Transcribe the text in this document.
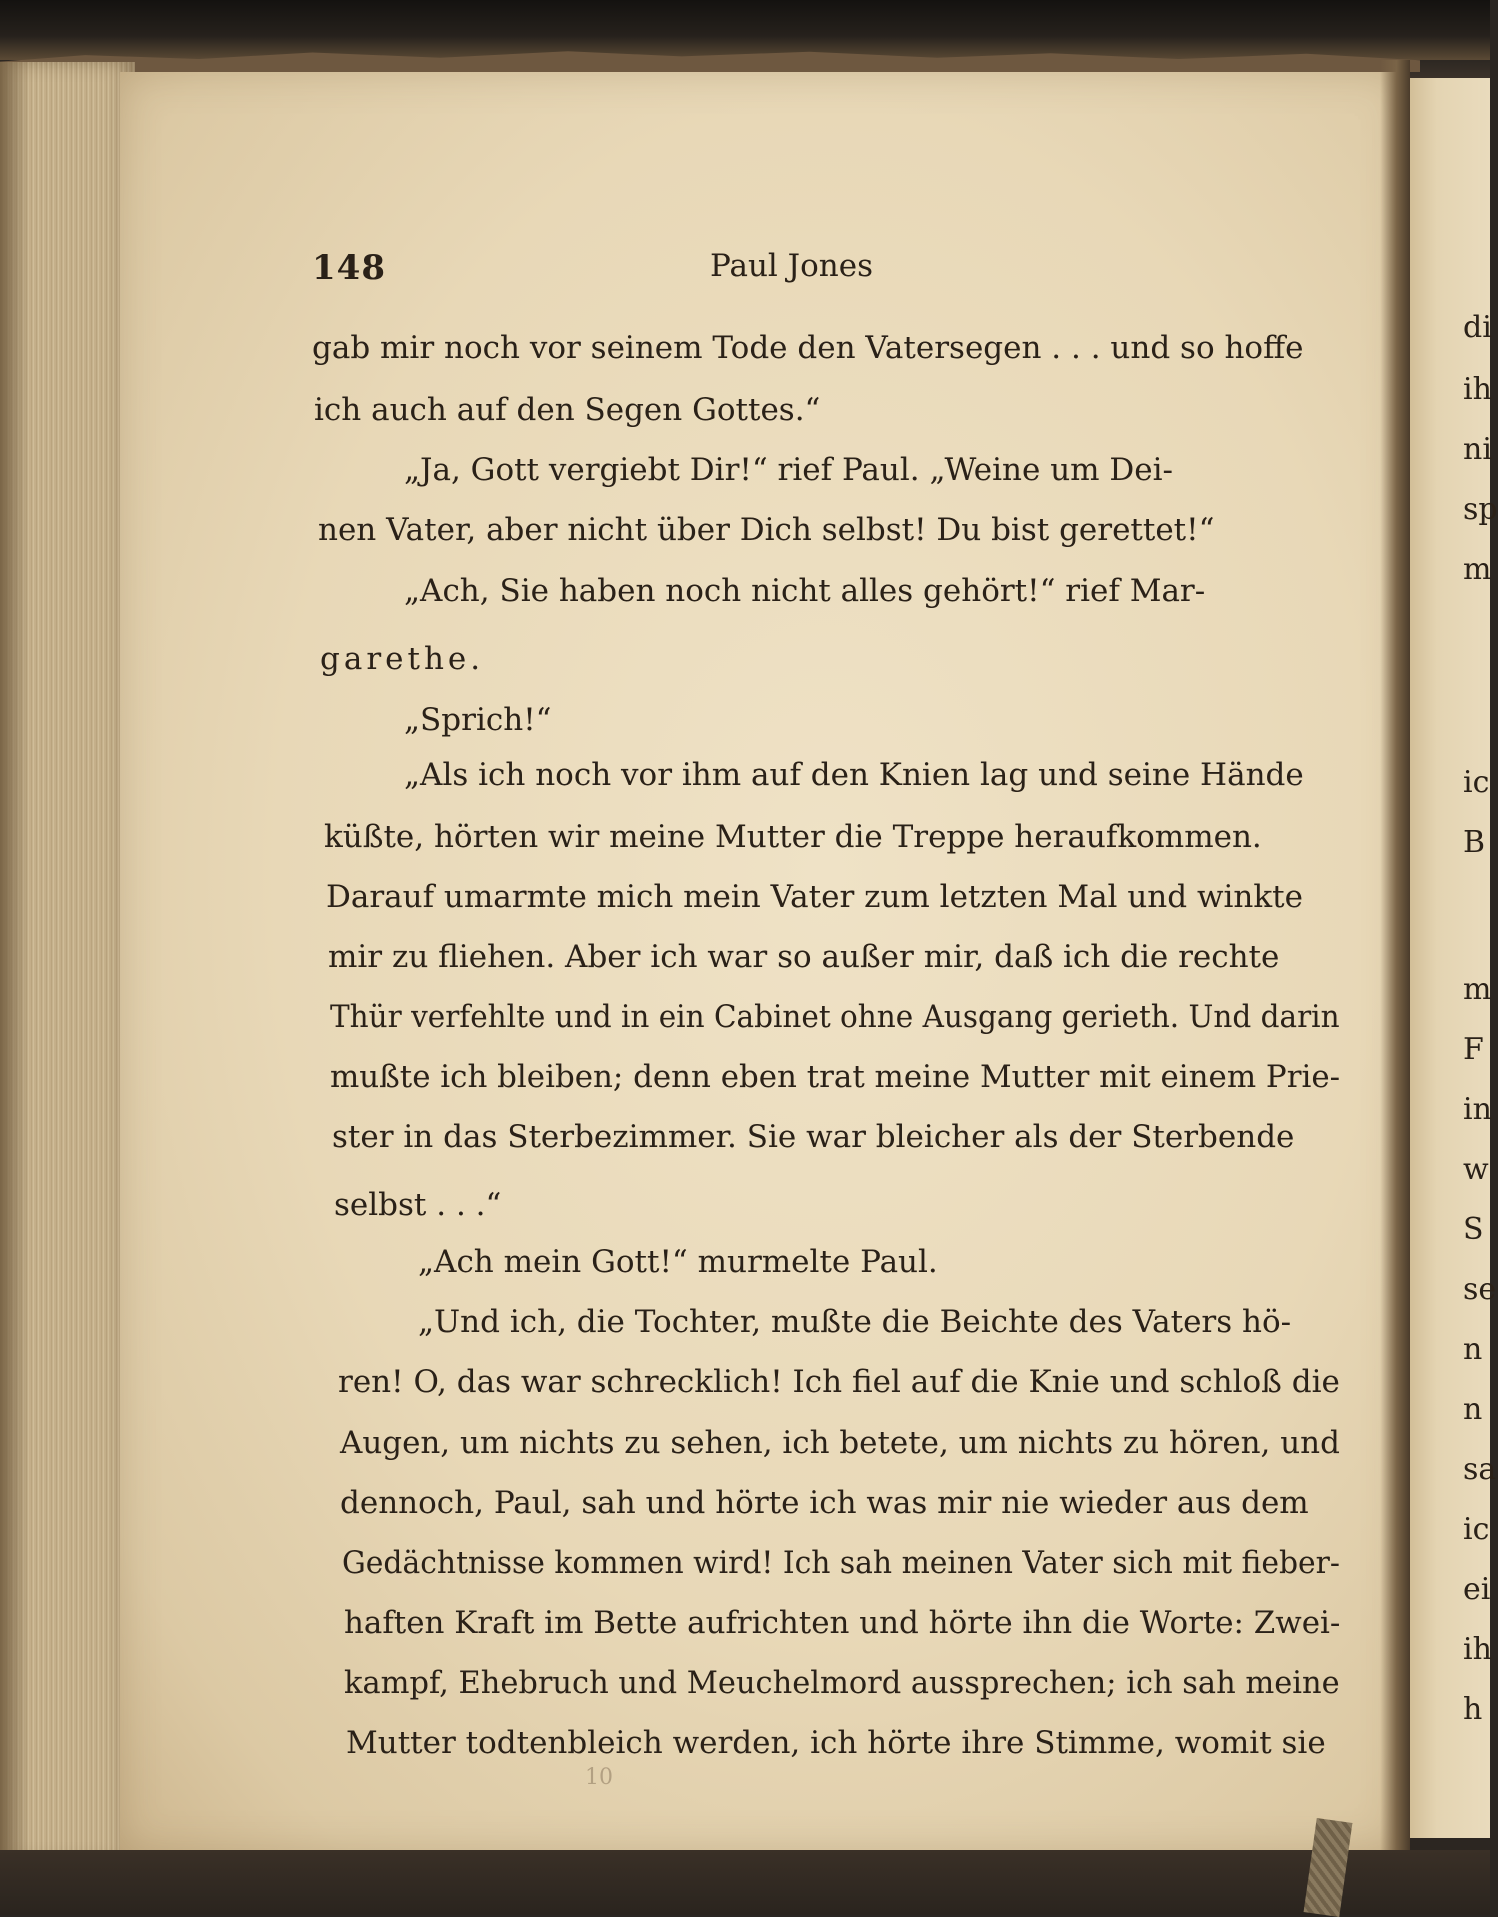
148	Paul Jones
gab mir noch vor seinem Tode den Vatersegen . . . und so hoffe
ich auch auf den Segen Gottes.“
„Ja, Gott vergiebt Dir!“ rief Paul. „Weine um Dei-
nen Vater, aber nicht über Dich selbst! Du bist gerettet!“
„Ach, Sie haben noch nicht alles gehört!“ rief Mar-
garethe.
„Sprich!“
„Als ich noch vor ihm auf den Knien lag und seine Hände
küßte, hörten wir meine Mutter die Treppe heraufkommen.
Darauf umarmte mich mein Vater zum letzten Mal und winkte
mir zu fliehen. Aber ich war so außer mir, daß ich die rechte
Thür verfehlte und in ein Cabinet ohne Ausgang gerieth. Und darin
mußte ich bleiben; denn eben trat meine Mutter mit einem Prie-
ster in das Sterbezimmer. Sie war bleicher als der Sterbende
selbst . . .“
„Ach mein Gott!“ murmelte Paul.
„Und ich, die Tochter, mußte die Beichte des Vaters hö-
ren! O, das war schrecklich! Ich fiel auf die Knie und schloß die
Augen, um nichts zu sehen, ich betete, um nichts zu hören, und
dennoch, Paul, sah und hörte ich was mir nie wieder aus dem
Gedächtnisse kommen wird! Ich sah meinen Vater sich mit fieber-
haften Kraft im Bette aufrichten und hörte ihn die Worte: Zwei-
kampf, Ehebruch und Meuchelmord aussprechen; ich sah meine
Mutter todtenbleich werden, ich hörte ihre Stimme, womit sie
10
di
ih
ni
sp
m
ic
B
m
F
in
w
S
se
n
n
sa
ic
ei
ih
h
